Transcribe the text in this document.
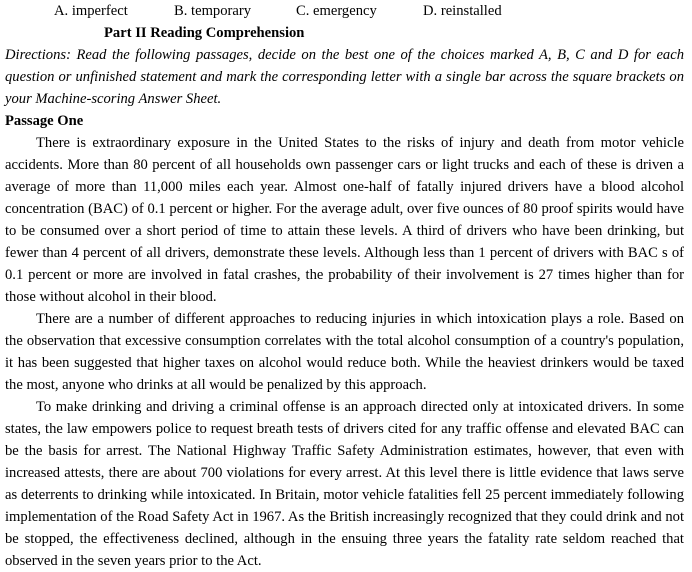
A. imperfect	B. temporary	C. emergency	D. reinstalled
Part II Reading Comprehension

Directions: Read the following passages, decide on the best one of the choices marked A, B, C and D for each question or unfinished statement and mark the corresponding letter with a single bar across the square brackets on your Machine-scoring Answer Sheet.

Passage One

There is extraordinary exposure in the United States to the risks of injury and death from motor vehicle accidents. More than 80 percent of all households own passenger cars or light trucks and each of these is driven a average of more than 11,000 miles each year. Almost one-half of fatally injured drivers have a blood alcohol concentration (BAC) of 0.1 percent or higher. For the average adult, over five ounces of 80 proof spirits would have to be consumed over a short period of time to attain these levels. A third of drivers who have been drinking, but fewer than 4 percent of all drivers, demonstrate these levels. Although less than 1 percent of drivers with BAC s of 0.1 percent or more are involved in fatal crashes, the probability of their involvement is 27 times higher than for those without alcohol in their blood.

There are a number of different approaches to reducing injuries in which intoxication plays a role. Based on the observation that excessive consumption correlates with the total alcohol consumption of a country's population, it has been suggested that higher taxes on alcohol would reduce both. While the heaviest drinkers would be taxed the most, anyone who drinks at all would be penalized by this approach.

To make drinking and driving a criminal offense is an approach directed only at intoxicated drivers. In some states, the law empowers police to request breath tests of drivers cited for any traffic offense and elevated BAC can be the basis for arrest. The National Highway Traffic Safety Administration estimates, however, that even with increased attests, there are about 700 violations for every arrest. At this level there is little evidence that laws serve as deterrents to drinking while intoxicated. In Britain, motor vehicle fatalities fell 25 percent immediately following implementation of the Road Safety Act in 1967. As the British increasingly recognized that they could drink and not be stopped, the effectiveness declined, although in the ensuing three years the fatality rate seldom reached that observed in the seven years prior to the Act.
